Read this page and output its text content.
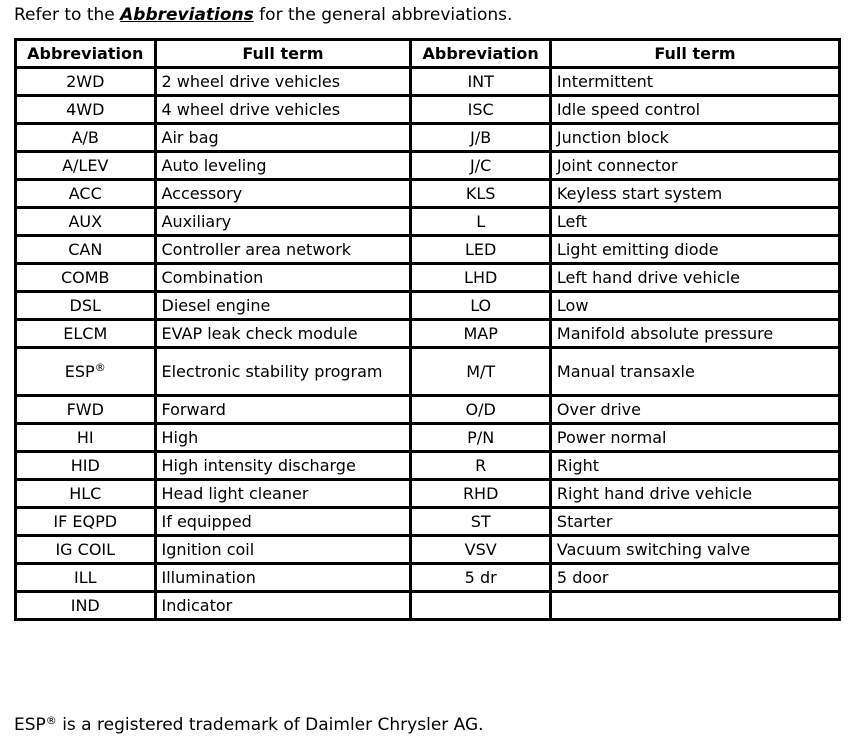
Refer to the Abbreviations for the general abbreviations.
Abbreviation	Full term	Abbreviation	Full term
2WD	2 wheel drive vehicles	INT	Intermittent
4WD	4 wheel drive vehicles	ISC	Idle speed control
A/B	Air bag	J/B	Junction block
A/LEV	Auto leveling	J/C	Joint connector
ACC	Accessory	KLS	Keyless start system
AUX	Auxiliary	L	Left
CAN	Controller area network	LED	Light emitting diode
COMB	Combination	LHD	Left hand drive vehicle
DSL	Diesel engine	LO	Low
ELCM	EVAP leak check module	MAP	Manifold absolute pressure
ESP®	Electronic stability program	M/T	Manual transaxle
FWD	Forward	O/D	Over drive
HI	High	P/N	Power normal
HID	High intensity discharge	R	Right
HLC	Head light cleaner	RHD	Right hand drive vehicle
IF EQPD	If equipped	ST	Starter
IG COIL	Ignition coil	VSV	Vacuum switching valve
ILL	Illumination	5 dr	5 door
IND	Indicator		
ESP® is a registered trademark of Daimler Chrysler AG.
